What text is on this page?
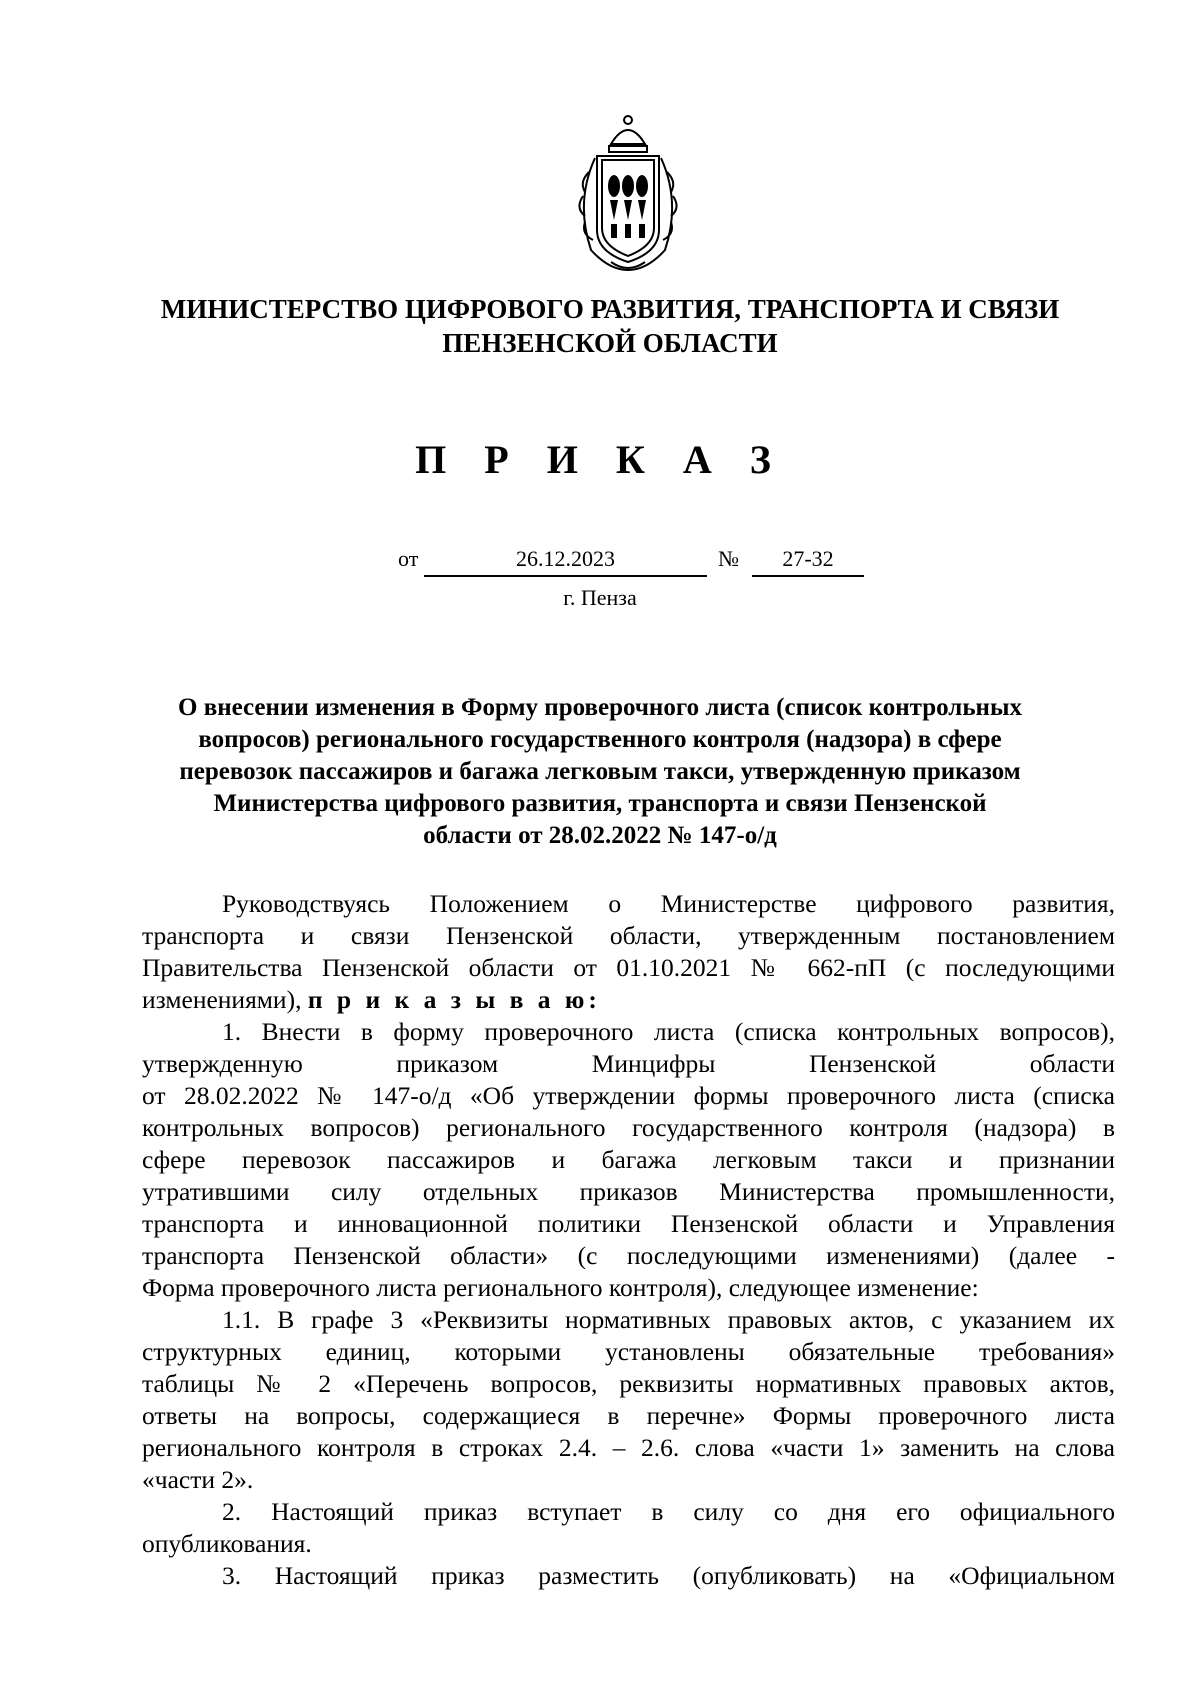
МИНИСТЕРСТВО ЦИФРОВОГО РАЗВИТИЯ, ТРАНСПОРТА И СВЯЗИ
ПЕНЗЕНСКОЙ ОБЛАСТИ
П Р И К А З
от	26.12.2023	№	27-32
г. Пенза
О внесении изменения в Форму проверочного листа (список контрольных
вопросов) регионального государственного контроля (надзора) в сфере
перевозок пассажиров и багажа легковым такси, утвержденную приказом
Министерства цифрового развития, транспорта и связи Пензенской
области от 28.02.2022 № 147-о/д
Руководствуясь Положением о Министерстве цифрового развития,
транспорта и связи Пензенской области, утвержденным постановлением
Правительства Пензенской области от 01.10.2021 № 662-пП (с последующими
изменениями), п р и к а з ы в а ю:
1. Внести в форму проверочного листа (списка контрольных вопросов),
утвержденную приказом Минцифры Пензенской области
от 28.02.2022 № 147-о/д «Об утверждении формы проверочного листа (списка
контрольных вопросов) регионального государственного контроля (надзора) в
сфере перевозок пассажиров и багажа легковым такси и признании
утратившими силу отдельных приказов Министерства промышленности,
транспорта и инновационной политики Пензенской области и Управления
транспорта Пензенской области» (с последующими изменениями) (далее -
Форма проверочного листа регионального контроля), следующее изменение:
1.1. В графе 3 «Реквизиты нормативных правовых актов, с указанием их
структурных единиц, которыми установлены обязательные требования»
таблицы № 2 «Перечень вопросов, реквизиты нормативных правовых актов,
ответы на вопросы, содержащиеся в перечне» Формы проверочного листа
регионального контроля в строках 2.4. – 2.6. слова «части 1» заменить на слова
«части 2».
2. Настоящий приказ вступает в силу со дня его официального
опубликования.
3. Настоящий приказ разместить (опубликовать) на «Официальном
